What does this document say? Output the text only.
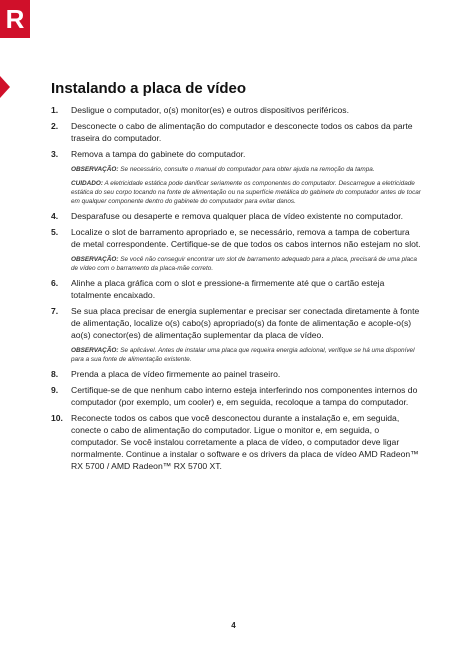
R
Instalando a placa de vídeo
1. Desligue o computador, o(s) monitor(es) e outros dispositivos periféricos.
2. Desconecte o cabo de alimentação do computador e desconecte todos os cabos da parte traseira do computador.
3. Remova a tampa do gabinete do computador.
OBSERVAÇÃO: Se necessário, consulte o manual do computador para obter ajuda na remoção da tampa.
CUIDADO: A eletricidade estática pode danificar seriamente os componentes do computador. Descarregue a eletricidade estática do seu corpo tocando na fonte de alimentação ou na superfície metálica do gabinete do computador antes de tocar em qualquer componente dentro do gabinete do computador para evitar danos.
4. Desparafuse ou desaperte e remova qualquer placa de vídeo existente no computador.
5. Localize o slot de barramento apropriado e, se necessário, remova a tampa de cobertura de metal correspondente. Certifique-se de que todos os cabos internos não estejam no slot.
OBSERVAÇÃO: Se você não conseguir encontrar um slot de barramento adequado para a placa, precisará de uma placa de vídeo com o barramento da placa-mãe correto.
6. Alinhe a placa gráfica com o slot e pressione-a firmemente até que o cartão esteja totalmente encaixado.
7. Se sua placa precisar de energia suplementar e precisar ser conectada diretamente à fonte de alimentação, localize o(s) cabo(s) apropriado(s) da fonte de alimentação e acople-o(s) ao(s) conector(es) de alimentação suplementar da placa de vídeo.
OBSERVAÇÃO: Se aplicável. Antes de instalar uma placa que requeira energia adicional, verifique se há uma disponível para a sua fonte de alimentação existente.
8. Prenda a placa de vídeo firmemente ao painel traseiro.
9. Certifique-se de que nenhum cabo interno esteja interferindo nos componentes internos do computador (por exemplo, um cooler) e, em seguida, recoloque a tampa do computador.
10. Reconecte todos os cabos que você desconectou durante a instalação e, em seguida, conecte o cabo de alimentação do computador. Ligue o monitor e, em seguida, o computador. Se você instalou corretamente a placa de vídeo, o computador deve ligar normalmente. Continue a instalar o software e os drivers da placa de vídeo AMD Radeon™ RX 5700 / AMD Radeon™ RX 5700 XT.
4
